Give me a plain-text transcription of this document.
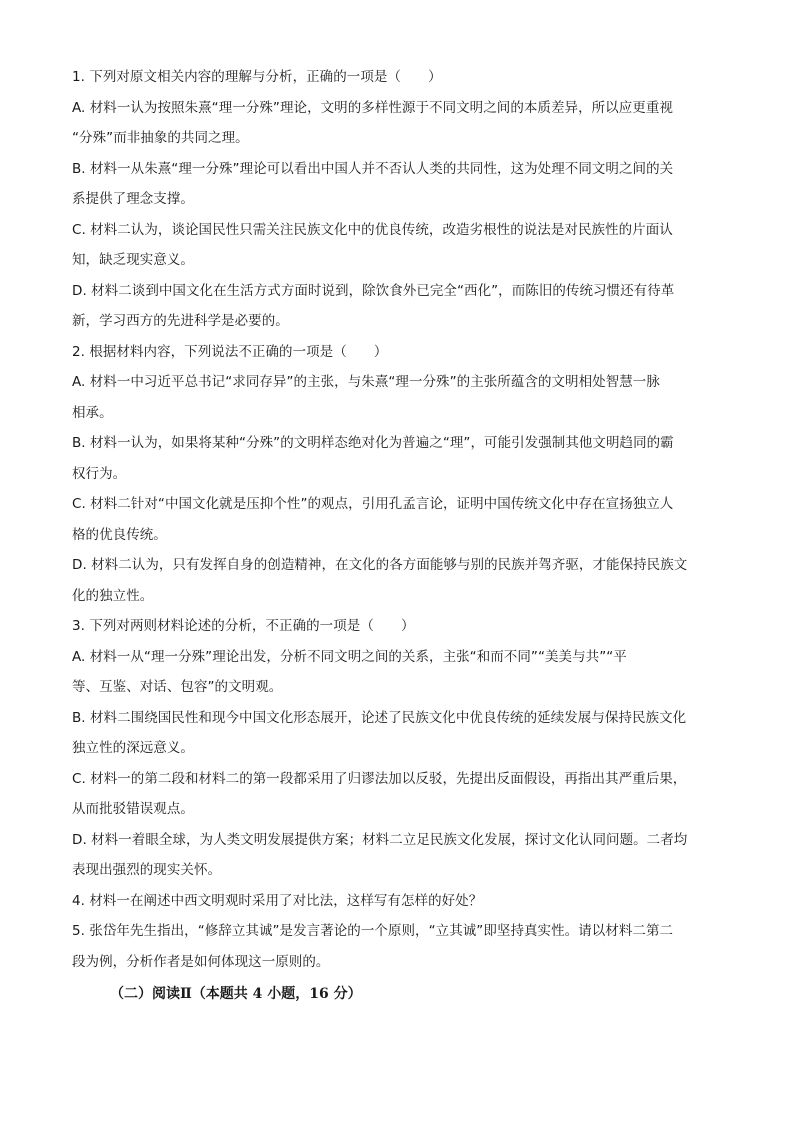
1. 下列对原文相关内容的理解与分析，正确的一项是（　　）
A. 材料一认为按照朱熹“理一分殊”理论，文明的多样性源于不同文明之间的本质差异，所以应更重视
“分殊”而非抽象的共同之理。
B. 材料一从朱熹“理一分殊”理论可以看出中国人并不否认人类的共同性，这为处理不同文明之间的关
系提供了理念支撑。
C. 材料二认为，谈论国民性只需关注民族文化中的优良传统，改造劣根性的说法是对民族性的片面认
知，缺乏现实意义。
D. 材料二谈到中国文化在生活方式方面时说到，除饮食外已完全“西化”，而陈旧的传统习惯还有待革
新，学习西方的先进科学是必要的。
2. 根据材料内容，下列说法不正确的一项是（　　）
A. 材料一中习近平总书记“求同存异”的主张，与朱熹“理一分殊”的主张所蕴含的文明相处智慧一脉
相承。
B. 材料一认为，如果将某种“分殊”的文明样态绝对化为普遍之“理”，可能引发强制其他文明趋同的霸
权行为。
C. 材料二针对“中国文化就是压抑个性”的观点，引用孔孟言论，证明中国传统文化中存在宣扬独立人
格的优良传统。
D. 材料二认为，只有发挥自身的创造精神，在文化的各方面能够与别的民族并驾齐驱，才能保持民族文
化的独立性。
3. 下列对两则材料论述的分析，不正确的一项是（　　）
A. 材料一从“理一分殊”理论出发，分析不同文明之间的关系，主张“和而不同”“美美与共”“平
等、互鉴、对话、包容”的文明观。
B. 材料二围绕国民性和现今中国文化形态展开，论述了民族文化中优良传统的延续发展与保持民族文化
独立性的深远意义。
C. 材料一的第二段和材料二的第一段都采用了归谬法加以反驳，先提出反面假设，再指出其严重后果，
从而批驳错误观点。
D. 材料一着眼全球，为人类文明发展提供方案；材料二立足民族文化发展，探讨文化认同问题。二者均
表现出强烈的现实关怀。
4. 材料一在阐述中西文明观时采用了对比法，这样写有怎样的好处？
5. 张岱年先生指出，“修辞立其诚”是发言著论的一个原则，“立其诚”即坚持真实性。请以材料二第二
段为例，分析作者是如何体现这一原则的。
（二）阅读Ⅱ（本题共 4 小题，16 分）
